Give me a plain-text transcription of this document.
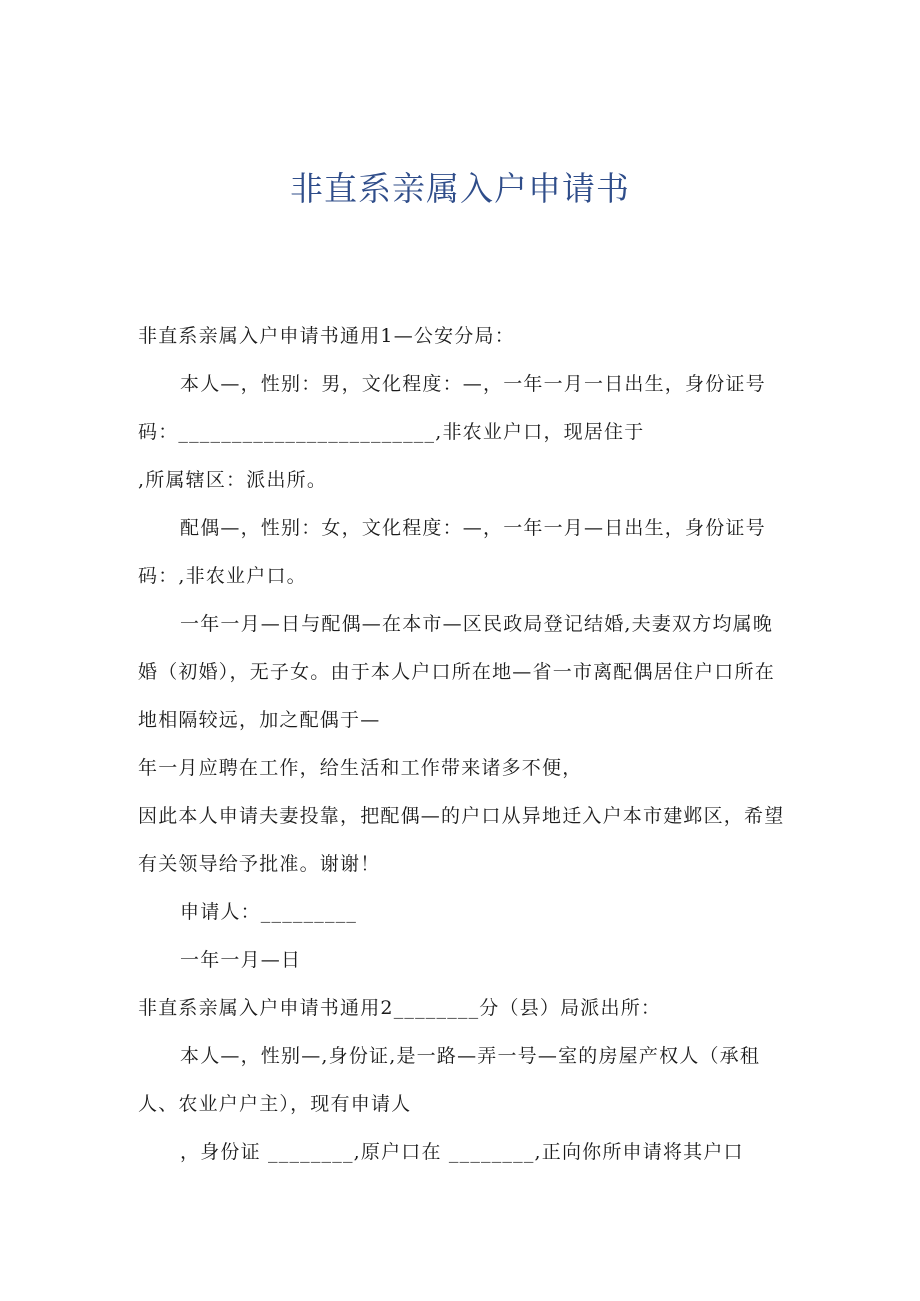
非直系亲属入户申请书
非直系亲属入户申请书通用1—公安分局：
本人—，性别：男，文化程度：—，一年一月一日出生，身份证号
码：________________________,非农业户口，现居住于
,所属辖区：派出所。
配偶—，性别：女，文化程度：—，一年一月—日出生，身份证号
码：,非农业户口。
一年一月—日与配偶—在本市—区民政局登记结婚,夫妻双方均属晚
婚（初婚），无子女。由于本人户口所在地—省一市离配偶居住户口所在
地相隔较远，加之配偶于—
年一月应聘在工作，给生活和工作带来诸多不便，
因此本人申请夫妻投靠，把配偶—的户口从异地迁入户本市建邺区，希望
有关领导给予批准。谢谢！
申请人：_________
一年一月—日
非直系亲属入户申请书通用2________分（县）局派出所：
本人—，性别—,身份证,是一路—弄一号—室的房屋产权人（承租
人、农业户户主），现有申请人
，身份证 ________,原户口在 ________,正向你所申请将其户口
